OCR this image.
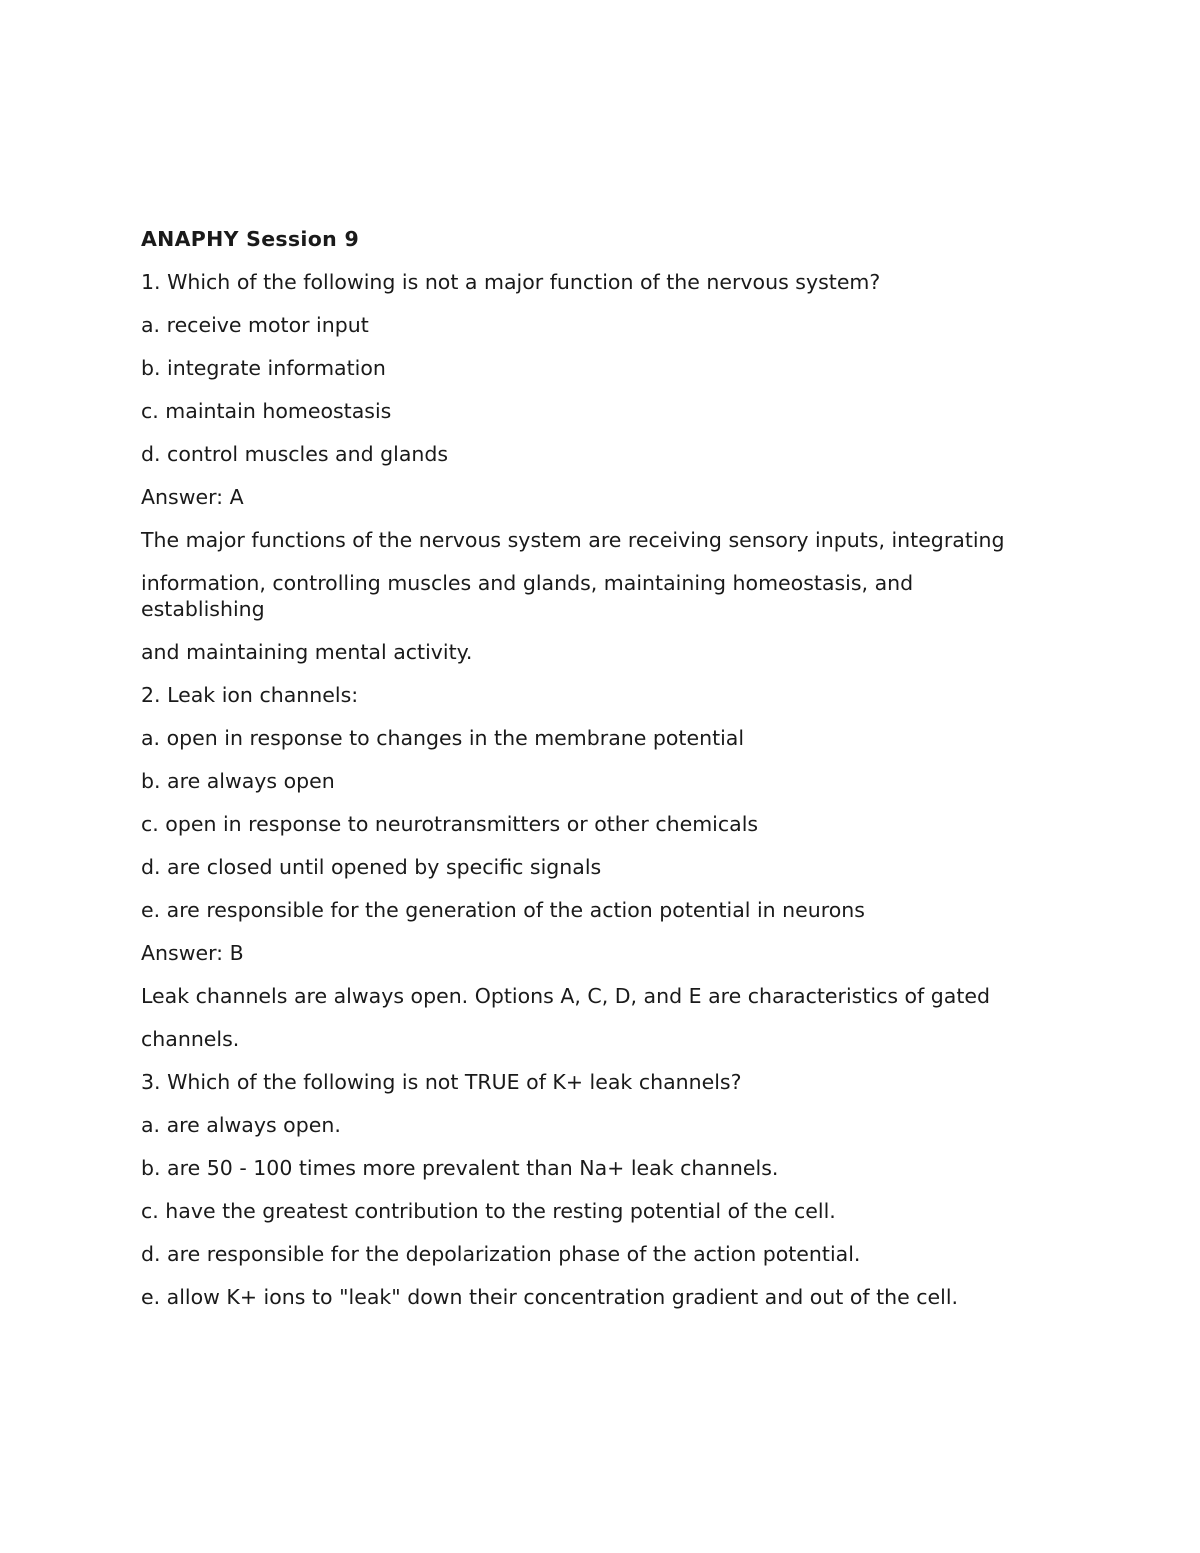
ANAPHY Session 9
1. Which of the following is not a major function of the nervous system?
a. receive motor input
b. integrate information
c. maintain homeostasis
d. control muscles and glands
Answer: A
The major functions of the nervous system are receiving sensory inputs, integrating
information, controlling muscles and glands, maintaining homeostasis, and
establishing
and maintaining mental activity.
2. Leak ion channels:
a. open in response to changes in the membrane potential
b. are always open
c. open in response to neurotransmitters or other chemicals
d. are closed until opened by specific signals
e. are responsible for the generation of the action potential in neurons
Answer: B
Leak channels are always open. Options A, C, D, and E are characteristics of gated
channels.
3. Which of the following is not TRUE of K+ leak channels?
a. are always open.
b. are 50 - 100 times more prevalent than Na+ leak channels.
c. have the greatest contribution to the resting potential of the cell.
d. are responsible for the depolarization phase of the action potential.
e. allow K+ ions to "leak" down their concentration gradient and out of the cell.
